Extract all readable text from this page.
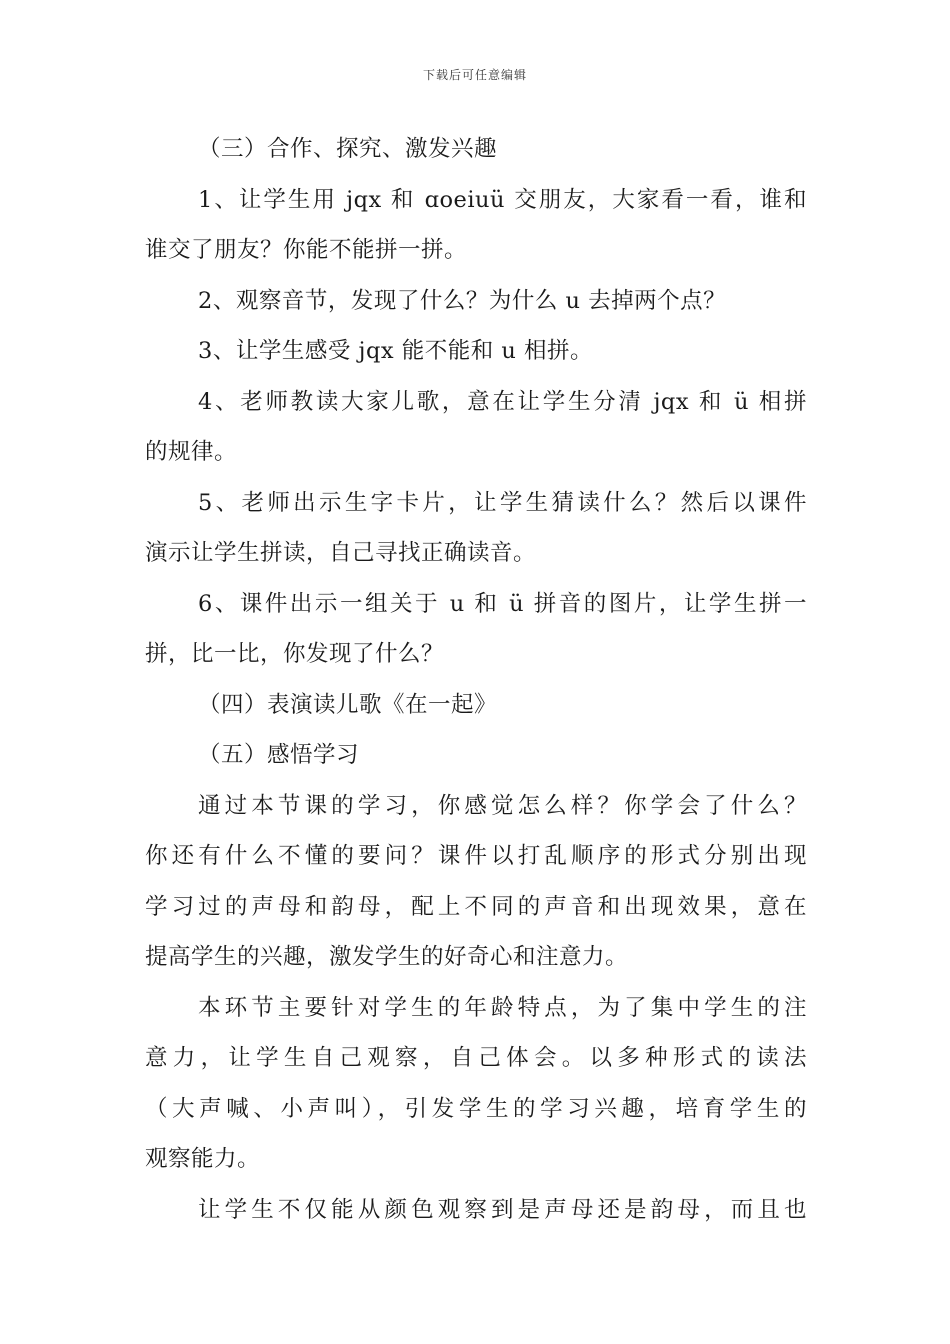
下载后可任意编辑
（三）合作、探究、激发兴趣
1、让学生用 jqx 和 ɑoeiuü 交朋友，大家看一看，谁和
谁交了朋友？你能不能拼一拼。
2、观察音节，发现了什么？为什么 u 去掉两个点？
3、让学生感受 jqx 能不能和 u 相拼。
4、老师教读大家儿歌，意在让学生分清 jqx 和 ü 相拼
的规律。
5、老师出示生字卡片，让学生猜读什么？然后以课件
演示让学生拼读，自己寻找正确读音。
6、课件出示一组关于 u 和 ü 拼音的图片，让学生拼一
拼，比一比，你发现了什么？
（四）表演读儿歌《在一起》
（五）感悟学习
通过本节课的学习，你感觉怎么样？你学会了什么？
你还有什么不懂的要问？课件以打乱顺序的形式分别出现
学习过的声母和韵母，配上不同的声音和出现效果，意在
提高学生的兴趣，激发学生的好奇心和注意力。
本环节主要针对学生的年龄特点，为了集中学生的注
意力，让学生自己观察，自己体会。以多种形式的读法
（大声喊、小声叫），引发学生的学习兴趣，培育学生的
观察能力。
让学生不仅能从颜色观察到是声母还是韵母，而且也
